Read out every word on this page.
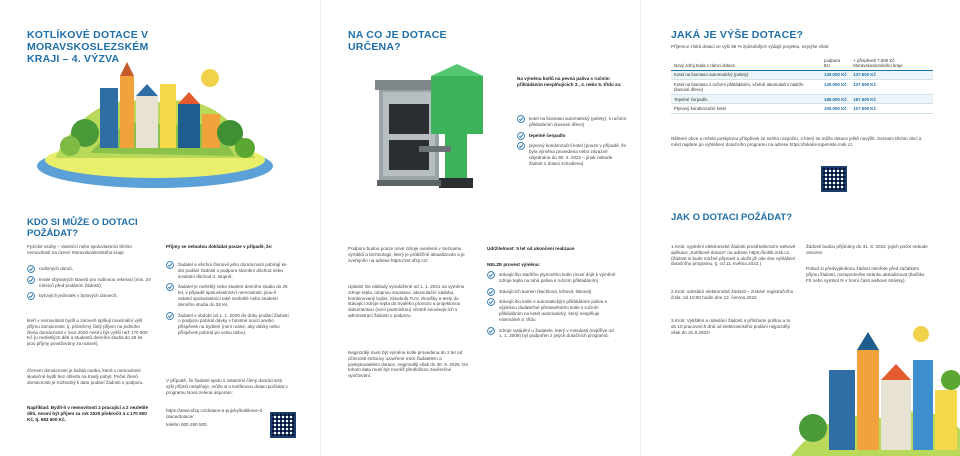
KOTLÍKOVÉ DOTACE V MORAVSKOSLEZSKÉM KRAJI – 4. VÝZVA
KDO SI MŮŽE O DOTACI POŽÁDAT?
Fyzické osoby – vlastníci nebo spoluvlastníci těchto nemovitostí na území Moravskoslezského kraje:
rodinných domů,
trvale obývaných staveb pro rodinnou rekreaci (min. 24 měsíců před podáním žádosti),
bytových jednotek v bytových domech,
kteří v nemovitosti bydlí a zároveň splňují maximální výši příjmu domácnosti, tj. průměrný čistý příjem na jednoho člena domácnosti v roce 2020 nesmí být vyšší než 170 900 Kč (u nezletilých dětí a studentů denního studia do 26 let jsou příjmy považovány za nulové).
Členem domácnosti je každá osoba, která v nemovitosti skutečně bydlí bez ohledu na trvalý pobyt. Počet členů domácnosti je rozhodný k datu podání žádosti o podporu.
Například: Bydlí-li v nemovitosti 2 pracující a 2 nezletilé děti, nesmí být příjem za rok 2020 překročit 4 x 170 900 Kč, tj. 683 600 Kč.
Příjmy se nebudou dokládat pouze v případě, že:
žadatel a všichni členové jeho domácnosti pobírají ke dni podání žádosti o podporu starobní důchod nebo invalidní důchod 3. stupně,
žadatel je nezletilý nebo student denního studia do 26 let, v případě spoluvlastnictví nemovitosti, jsou-li ostatní spoluvlastníci také nezletilé nebo studenti denního studia do 26 let,
žadatel v období od 1. 1. 2020 do doby podání žádosti o podporu pobíral dávky v hmotné nouzi anebo příspěvek na bydlení (není nutné, aby dávky nebo příspěvek pobíral po celou dobu).
V případě, že žadatel spolu s ostatními členy domácnosti výši příjmů nesplňuje, může si o kotlíkovou dotaci požádat v programu Nová zelená úsporám:
https://www.sfzp.cz/dotace-a-pujcky/kotlikove-dotace/dotace/
telefon 800 260 500.
NA CO JE DOTACE URČENA?
Na výměnu kotlů na pevná paliva s ručním přikládáním nesplňujících 3., 4. nebo 5. třídu za:
kotel na biomasu automatický (pelety), s ručním přikládáním (kusové dřevo)
tepelné čerpadlo
plynový kondenzační kotel (pouze v případě, že byla výměna provedena nebo závazně objednána do 30. 4. 2022 – jinak nebude žádost o dotaci schválena)
Podporu budou pouze nové zdroje uvedené v Seznamu výrobků a technologií, který je průběžně aktualizován a je zveřejněn na adrese https://svt.sfzp.cz/.
Uplatnit lze náklady vynaložené od 1. 1. 2021 na výměnu zdroje tepla, otopnou soustavu, akumulační nádobu, kombinovaný bojler, zásobník TUV, zkoušky a testy do stávající zdroje tepla do trvalého provozu a projektovou dokumentaci (není podmínkou) včetně souvisejících s administrací žádosti o podporu.
Nejpozději musí být výměna kotle provedena do 2 let od účinnosti smlouvy uzavřené mezi žadatelem a poskytovatelem dotace, nejpozději však do 30. 9. 2025. Do tohoto data musí být rovněž předloženo závěrečné vyúčtování.
Udržitelnost: 5 let od ukončení realizace
NELZE provést výměnu:
stávajícího staršího plynového kotle (musí dojít k výměně zdroje tepla na tuhá paliva s ručním přikládáním)
stávajících kamen (kachlová, krbová, litinová)
stávajícího kotle s automatickým přikládáním paliva s výjimkou dodatečné přestavěného kotle s ručním přikládáním na kotel automatický, který nesplňuje minimálně 3. třídu
zdroje vytápění u žadatele, který v minulosti (nejdříve od 1. 1. 2009) byl podpořen z jiných dotačních programů.
JAKÁ JE VÝŠE DOTACE?
Příjemce získá dotaci ve výši 95 % způsobilých výdajů projektu, nejvýše však:
Nový zdroj tepla v rámci dotace	podpora EU	+ příspěvek 7.500 Kč Moravskoslezského kraje
Kotel na biomasu automatický (pelety)	130.000 Kč	137.500 Kč
Kotel na biomasu s ručním přikládáním, včetně akumulační nádrže (kusové dřevo)	130.000 Kč	137.500 Kč
Tepelné čerpadlo	180.000 Kč	187.500 Kč
Plynový kondenzační kotel	100.000 Kč	107.500 Kč
Některé obce a města poskytnou příspěvek ze svého rozpočtu, o který se může dotace ještě navýšit. Seznam těchto obcí a měst najdete po vyhlášení dotačního programu na adrese https://lokalni-topeniste.msk.cz.
JAK O DOTACI POŽÁDAT?
1.Krok: vyplnění elektronické žádosti prostřednictvím webové aplikace „Kotlíkové dotace“ na adrese https://kotlik.msk.cz. (Žádost si bude možné připravit a uložit již ode dne vyhlášení dotačního programu, tj. od 11. května 2022.)
2.Krok: odeslání elektronické žádosti – získání registračního čísla: od 10:00 hodin dne 13. června 2022.
3.Krok: Vytištění a odeslání žádosti s přílohami poštou a to do 10 pracovních dnů od elektronického podání nejpozději však do 31.8.2022!
Žádosti budou přijímány do 31. 8. 2022, jejich počet nebude omezen.
Pokud si předvyplněnou žádost otevřete před začátkem příjmu žádostí, nezapomeňte stránku aktualizovat (tlačítko F5 nebo symbol ⟳ v horní části webové stránky).
